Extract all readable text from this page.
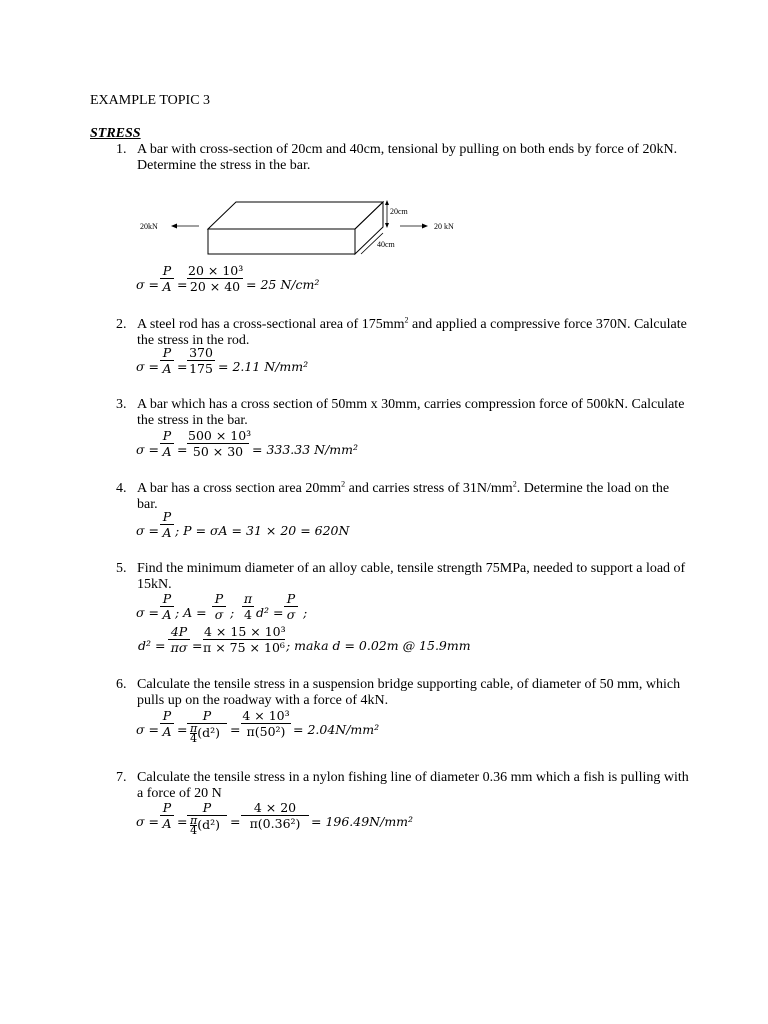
EXAMPLE TOPIC 3
STRESS
1. A bar with cross-section of 20cm and 40cm, tensional by pulling on both ends by force of 20kN.
Determine the stress in the bar.
20kN	20 kN
20cm
40cm
$\sigma = \frac{P}{A} = \frac{\text{20 × 10³}}{20 \times 40} = 25$ N/cm²
2. A steel rod has a cross-sectional area of $175mm^2$ and applied a compressive force 370N. Calculate
the stress in the rod.
$\sigma = \frac{P}{A} = \frac{370}{175} = 2.11$ N/mm²
3. A bar which has a cross section of 50mm x 30mm, carries compression force of 500kN. Calculate
the stress in the bar.
$\sigma = \frac{P}{A} = \frac{\text{500 × 10³}}{50 \times 30} = 333.33$ N/mm²
4. A bar has a cross section area $20mm^2$ and carries stress of $31N/mm^2$. Determine the load on the
bar.
$\sigma = \frac{P}{A}$ ; P = σA = 31 × 20 = 620N
5. Find the minimum diameter of an alloy cable, tensile strength 75MPa, needed to support a load of
15kN.
$\sigma = \frac{P}{A}$ ; $A = \frac{P}{\sigma}$ ; $\frac{\pi}{4} d^2 = \frac{P}{\sigma}$ ;
$d^2 = \frac{4P}{\pi\sigma} = \frac{\text{4 × 15 × 10³}}{\text{π × 75 × 10⁶}}$ ; maka d = 0.02m @ 15.9mm
6. Calculate the tensile stress in a suspension bridge supporting cable, of diameter of 50 mm, which
pulls up on the roadway with a force of 4kN.
$\sigma = \frac{P}{A} = \frac{P}{\frac{\pi}{4} (d^2)} = \frac{\text{4 × 10³}}{\text{π(50²)}} = 2.04N/mm^2$
7. Calculate the tensile stress in a nylon fishing line of diameter 0.36 mm which a fish is pulling with
a force of 20 N
$\sigma = \frac{P}{A} = \frac{P}{\frac{\pi}{4} (d^2)} = \frac{4 \times 20}{\text{π(0.36²)}} = 196.49N/mm^2$
